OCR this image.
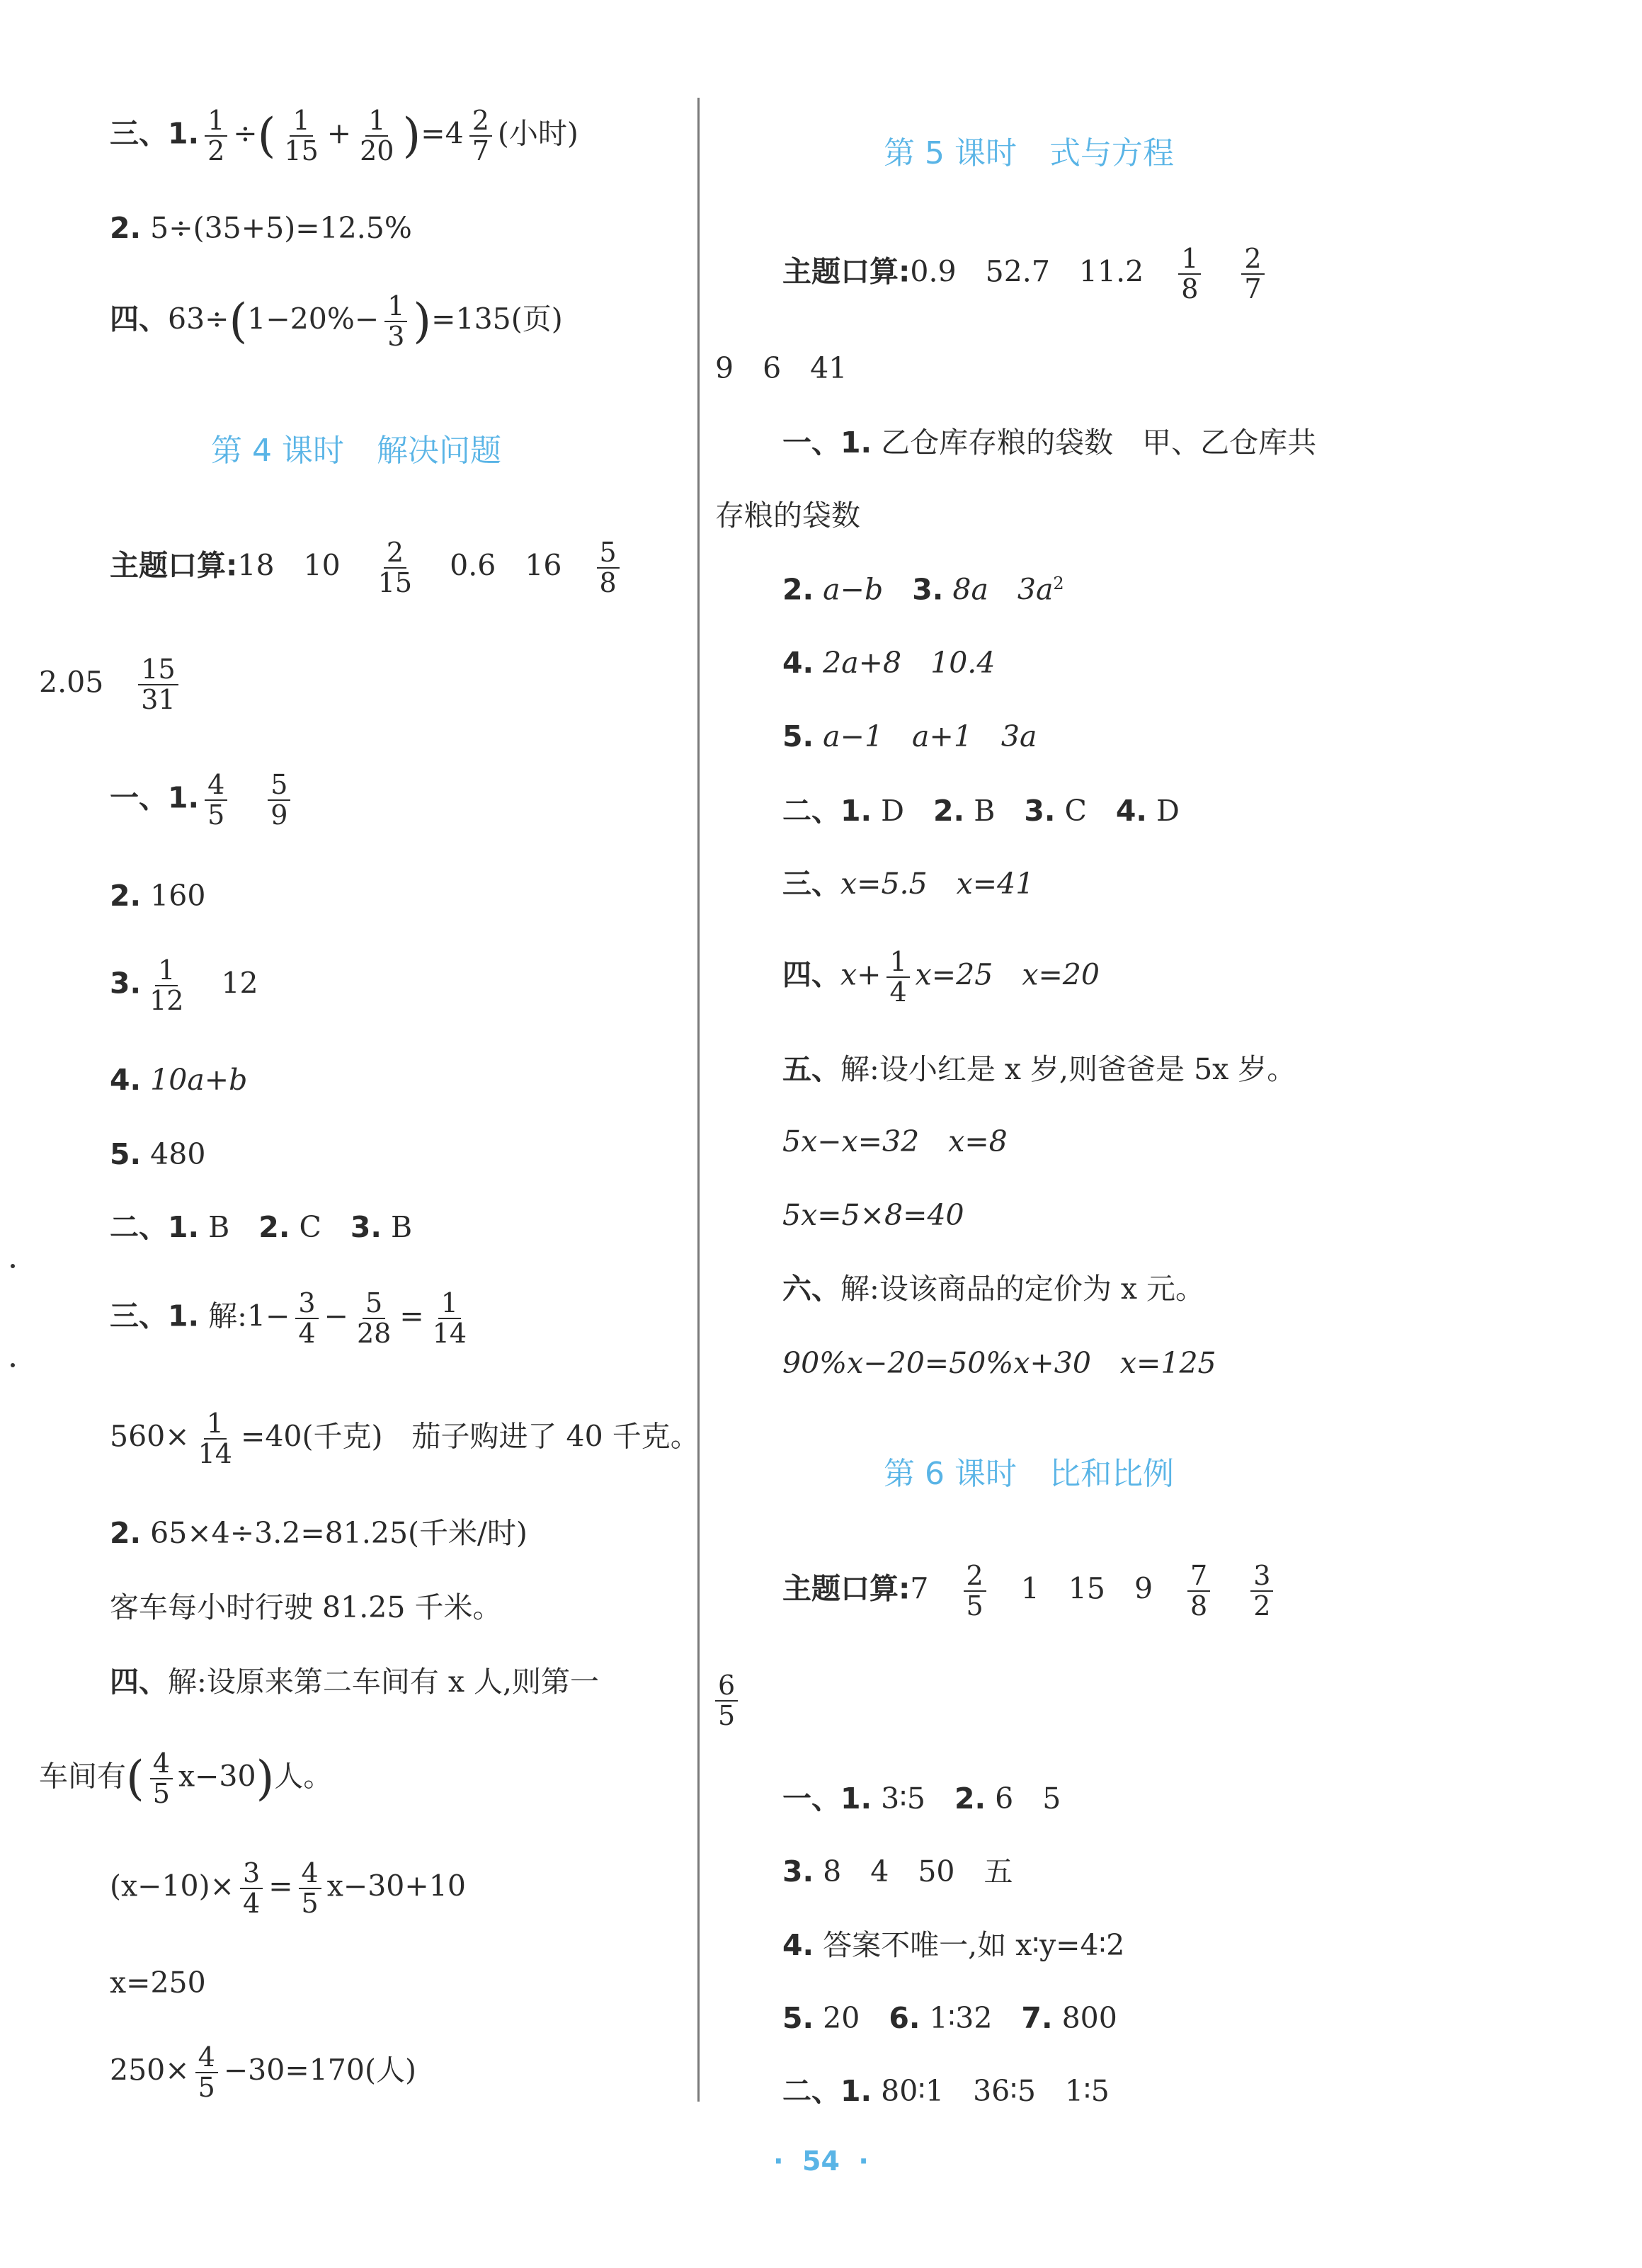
三、1. $\frac{1}{2}$ ÷( $\frac{1}{15} + \frac{1}{20} )=4 \frac{2}{7}$ (小时)
2. 5÷(35+5)=12.5%
四、$63\div(1-20\%- \frac{1}{3} )=135$(页)
第 4 课时 解决问题
主题口算:18  10  $\frac{2}{15}$
  0.6  16  $\frac{5}{8}$
2.05  $\frac{15}{31}$
一、1. $\frac{4}{5}$
  $\frac{5}{9}$
2. 160
3. $\frac{1}{12}$
  12
4. 10a+b
5. 480
二、1. B  2. C  3. B
三、1. 解:1− $\frac{3}{4} - \frac{5}{28} = \frac{1}{14}$
$560\times \frac{1}{14} =40$(千克)　茄子购进了 40 千克。
2. 65×4÷3.2=81.25(千米/时)
客车每小时行驶 81.25 千米。
四、解:设原来第二车间有 x 人,则第一
车间有( $\frac{4}{5} x-30$)人。
$(x-10)\times \frac{3}{4} = \frac{4}{5} x-30+10$
x=250
$250\times \frac{4}{5} -30=170$(人)
第 5 课时 式与方程
主题口算:0.9  52.7  11.2  $\frac{1}{8}$
  $\frac{2}{7}$
9　6　41
一、1. 乙仓库存粮的袋数　甲、乙仓库共
存粮的袋数
2. a−b  3. 8a　$3a^2$
4. 2a+8　10.4
5. a−1　a+1　3a
二、1. D  2. B  3. C  4. D
三、x=5.5　x=41
四、$x+ \frac{1}{4} x=25$　x=20
五、解:设小红是 x 岁,则爸爸是 5x 岁。
5x−x=32　x=8
5x=5×8=40
六、解:设该商品的定价为 x 元。
90%x−20=50%x+30　x=125
第 6 课时 比和比例
主题口算:7  $\frac{2}{5}$
  1  15  9  $\frac{7}{8}$
  $\frac{3}{2}$
$\frac{6}{5}$
一、1. 3∶5  2. 6　5
3. 8　4　50　五
4. 答案不唯一,如 x∶y=4∶2
5. 20  6. 1∶32  7. 800
二、1. 80∶1　36∶5　1∶5
·  54  ·
